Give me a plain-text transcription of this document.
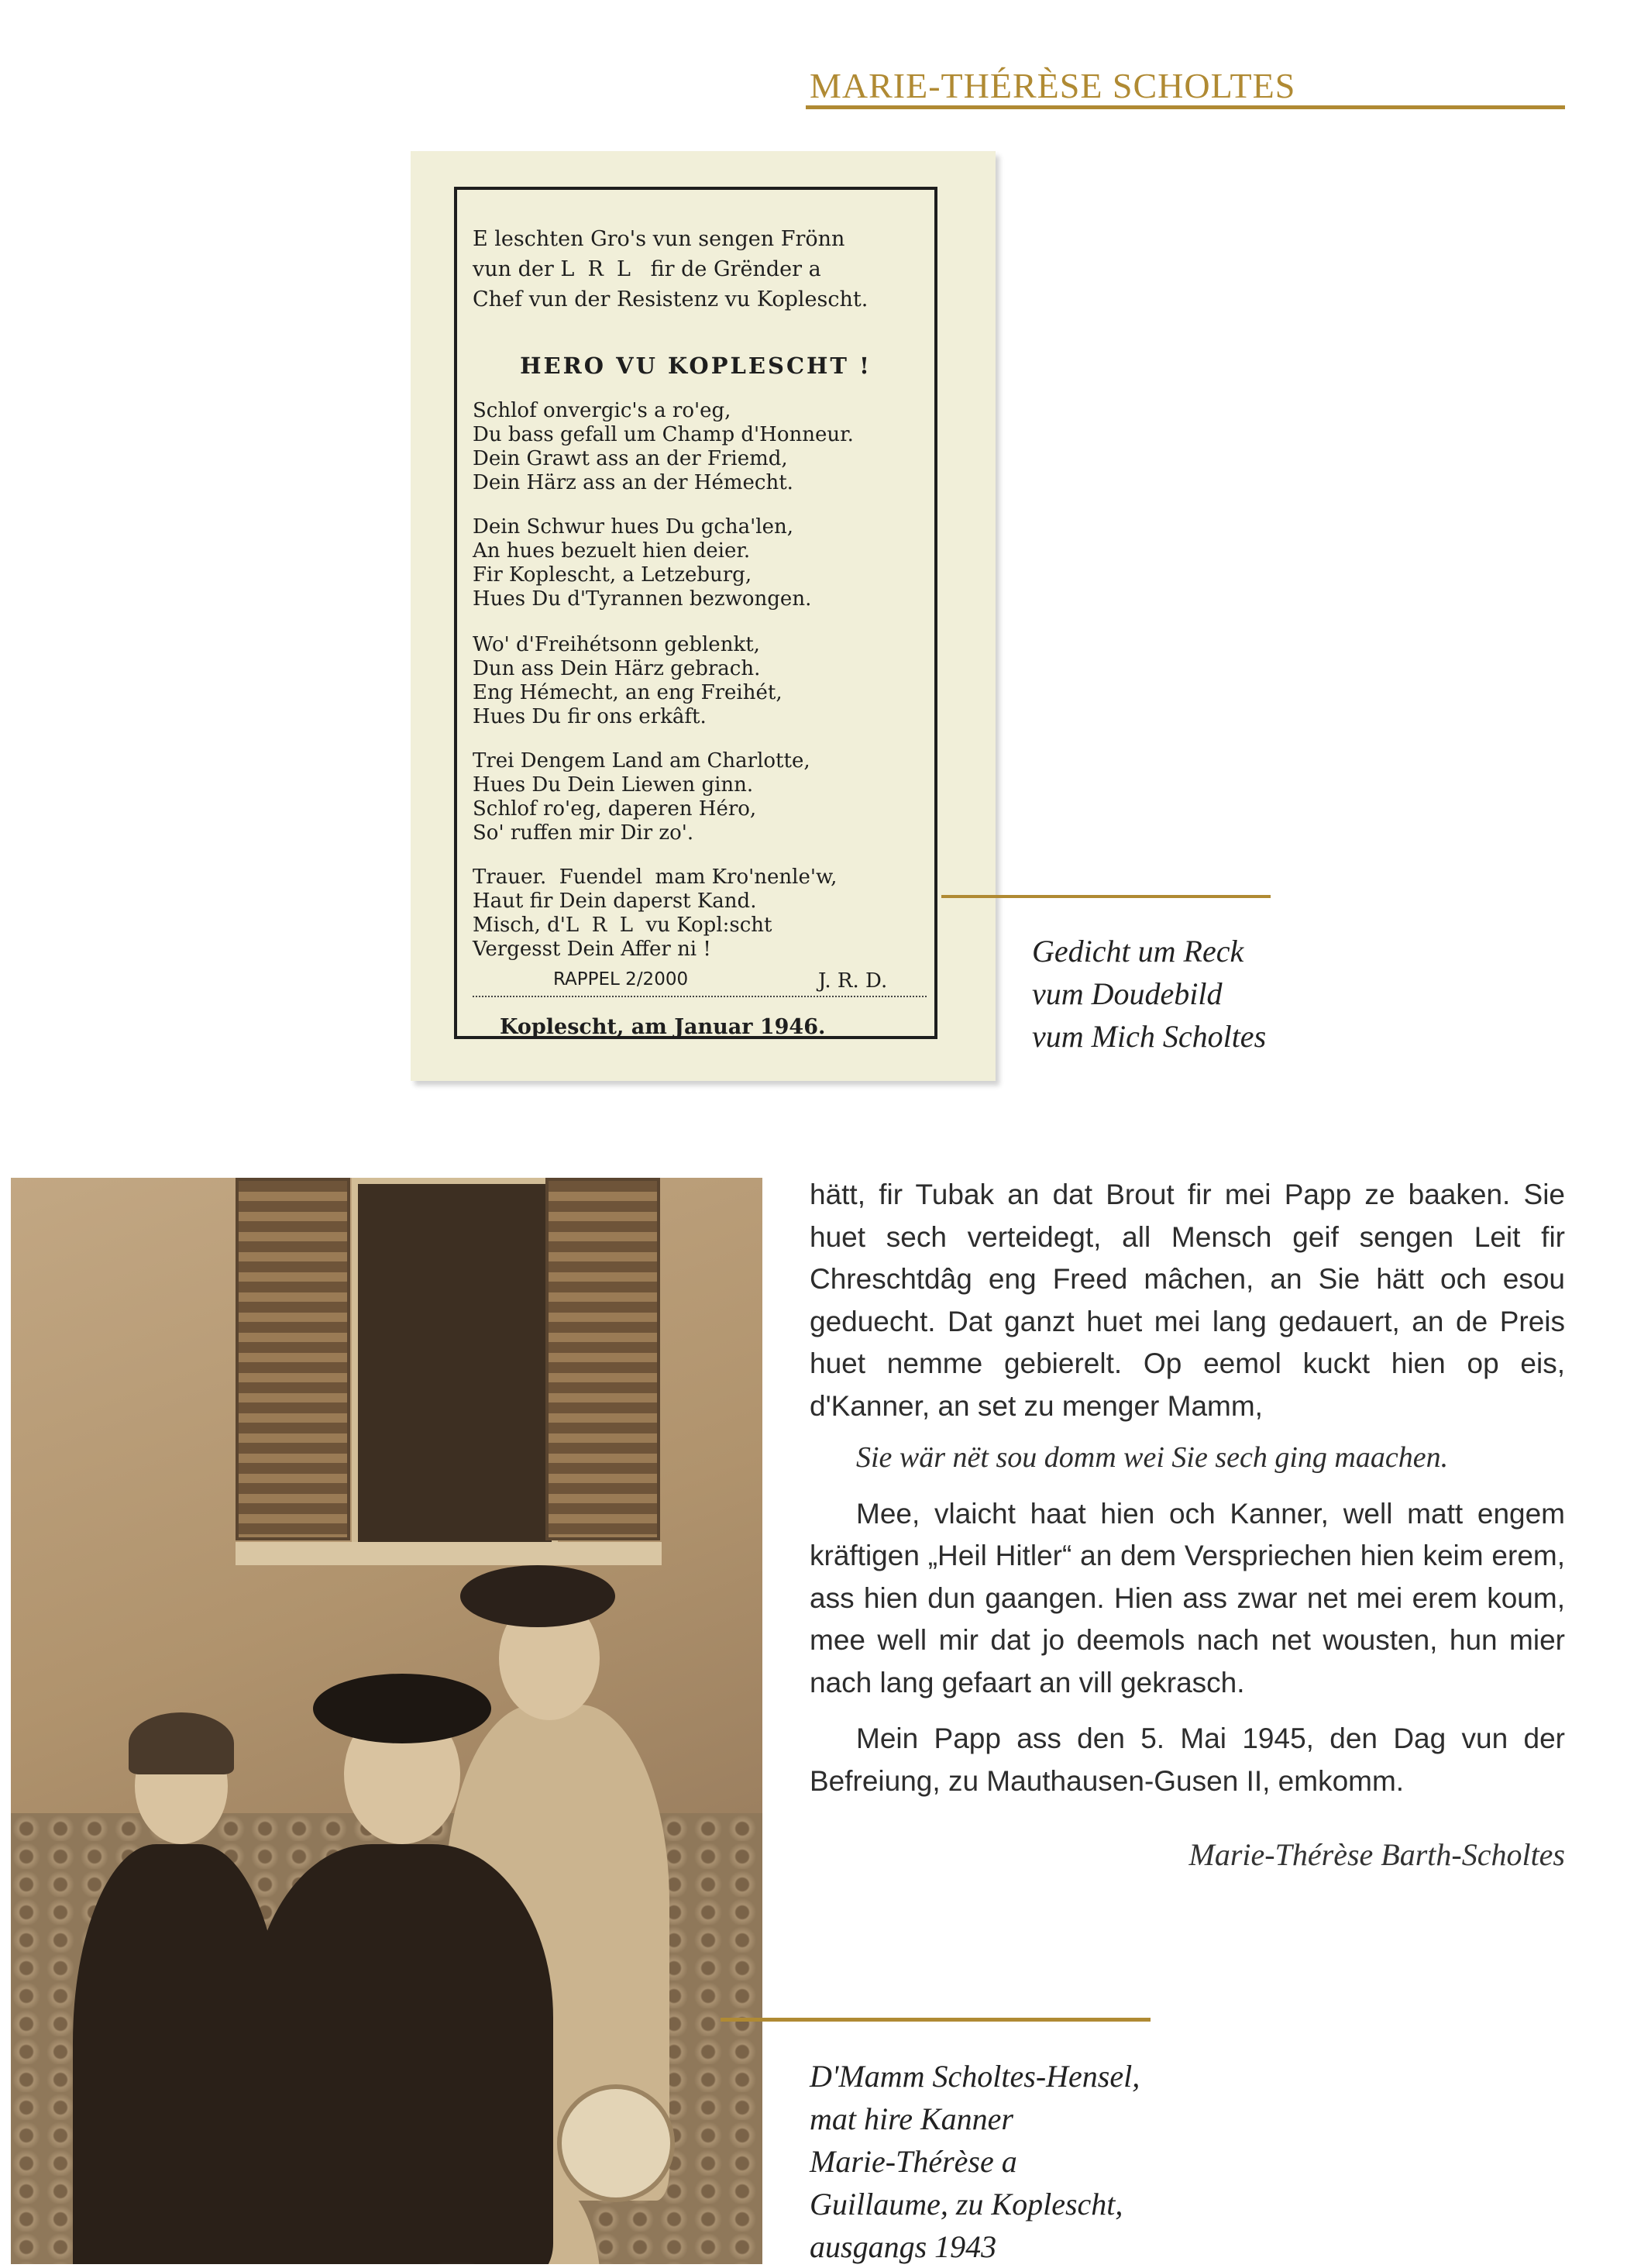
MARIE-THÉRÈSE SCHOLTES
E leschten Gro's vun sengen Frönn
vun der L  R  L   fir de Grënder a
Chef vun der Resistenz vu Koplescht.
HERO VU KOPLESCHT !
Schlof onvergic's a ro'eg,
Du bass gefall um Champ d'Honneur.
Dein Grawt ass an der Friemd,
Dein Härz ass an der Hémecht.
Dein Schwur hues Du gcha'len,
An hues bezuelt hien deier.
Fir Koplescht, a Letzeburg,
Hues Du d'Tyrannen bezwongen.
Wo' d'Freihétsonn geblenkt,
Dun ass Dein Härz gebrach.
Eng Hémecht, an eng Freihét,
Hues Du fir ons erkâft.
Trei Dengem Land am Charlotte,
Hues Du Dein Liewen ginn.
Schlof ro'eg, daperen Héro,
So' ruffen mir Dir zo'.
Trauer.  Fuendel  mam Kro'nenle'w,
Haut fir Dein daperst Kand.
Misch, d'L  R  L  vu Kopl:scht
Vergesst Dein Affer ni !
RAPPEL 2/2000	J. R. D.
Koplescht, am Januar 1946.
Gedicht um Reck
vum Doudebild
vum Mich Scholtes

hätt, fir Tubak an dat Brout fir mei Papp ze baaken. Sie huet sech verteidegt, all Mensch geif sengen Leit fir Chreschtdâg eng Freed mâchen, an Sie hätt och esou geduecht. Dat ganzt huet mei lang gedauert, an de Preis huet nemme gebierelt. Op eemol kuckt hien op eis, d'Kanner, an set zu menger Mamm,

Sie wär nët sou domm wei Sie sech ging maachen.

Mee, vlaicht haat hien och Kanner, well matt engem kräftigen „Heil Hitler“ an dem Verspriechen hien keim erem, ass hien dun gaangen. Hien ass zwar net mei erem koum, mee well mir dat jo deemols nach net wousten, hun mier nach lang gefaart an vill gekrasch.

Mein Papp ass den 5. Mai 1945, den Dag vun der Befreiung, zu Mauthausen-Gusen II, emkomm.

Marie-Thérèse Barth-Scholtes
D'Mamm Scholtes-Hensel,
mat hire Kanner
Marie-Thérèse a
Guillaume, zu Koplescht,
ausgangs 1943
